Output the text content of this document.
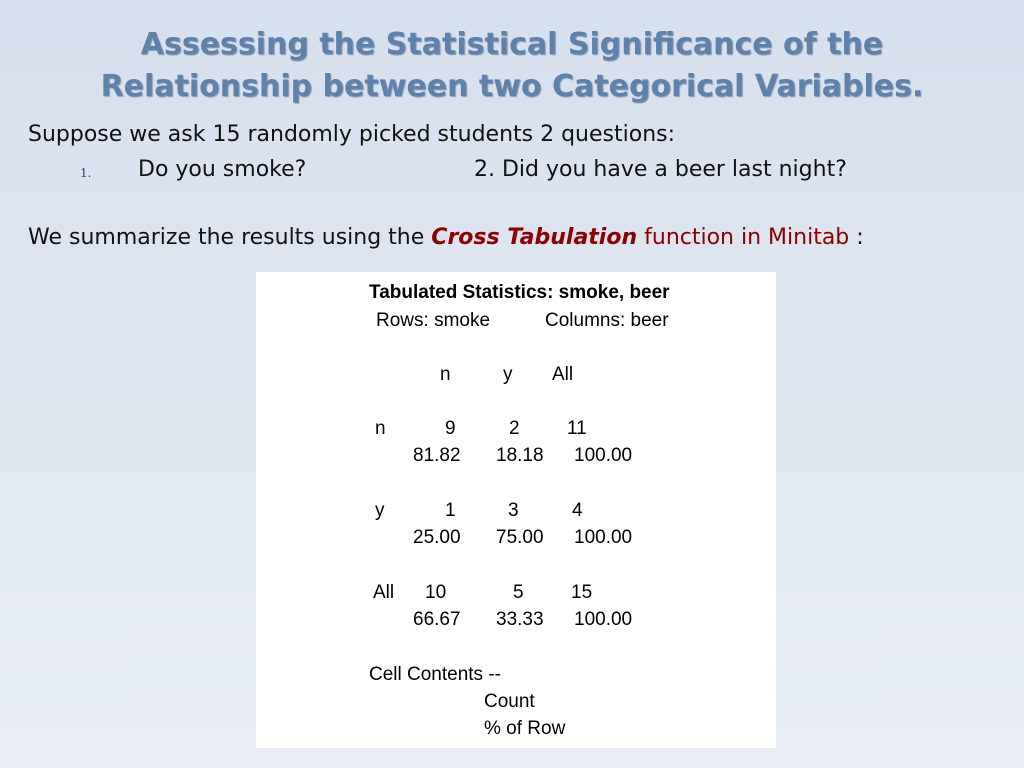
Assessing the Statistical Significance of the
Relationship between two Categorical Variables.
Suppose we ask 15 randomly picked students 2 questions:
1. Do you smoke?	2. Did you have a beer last night?
We summarize the results using the Cross Tabulation function in Minitab :
Tabulated Statistics: smoke, beer
Rows: smoke	Columns: beer
n	y All
n	9	2 11
81.82 18.18 100.00
y	1	3	4
25.00 75.00 100.00
All 10	5 15
66.67 33.33 100.00
Cell Contents --
Count
% of Row
